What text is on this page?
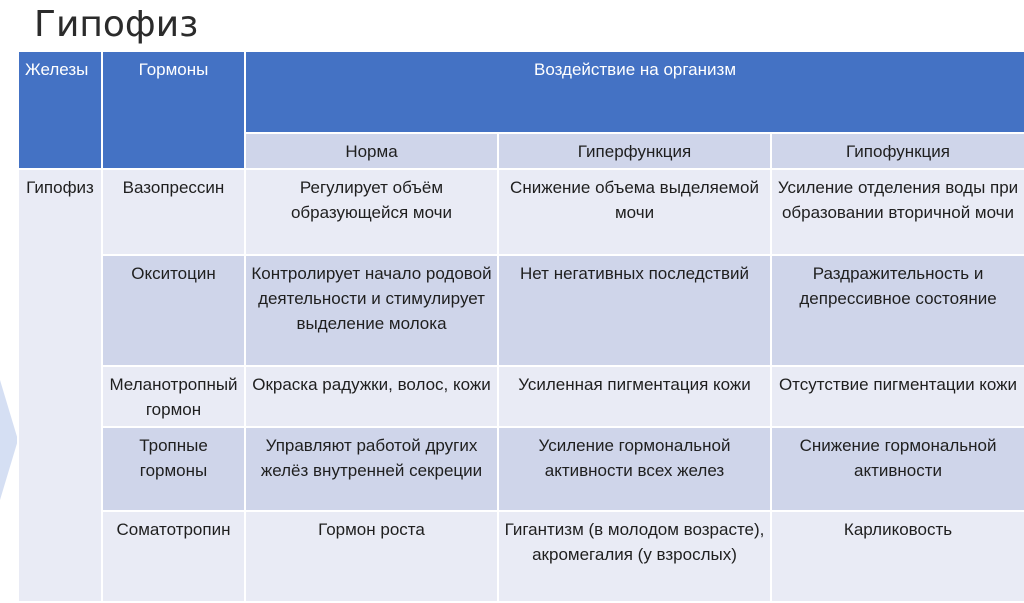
Гипофиз
Железы	Гормоны	Воздействие на организм		
		Норма	Гиперфункция	Гипофункция
Гипофиз	Вазопрессин	Регулирует объём образующейся мочи	Снижение объема выделяемой мочи	Усиление отделения воды при образовании вторичной мочи
	Окситоцин	Контролирует начало родовой деятельности и стимулирует выделение молока	Нет негативных последствий	Раздражительность и депрессивное состояние
	Меланотропный гормон	Окраска радужки, волос, кожи	Усиленная пигментация кожи	Отсутствие пигментации кожи
	Тропные гормоны	Управляют работой других желёз внутренней секреции	Усиление гормональной активности всех желез	Снижение гормональной активности
	Соматотропин	Гормон роста	Гигантизм (в молодом возрасте), акромегалия (у взрослых)	Карликовость
